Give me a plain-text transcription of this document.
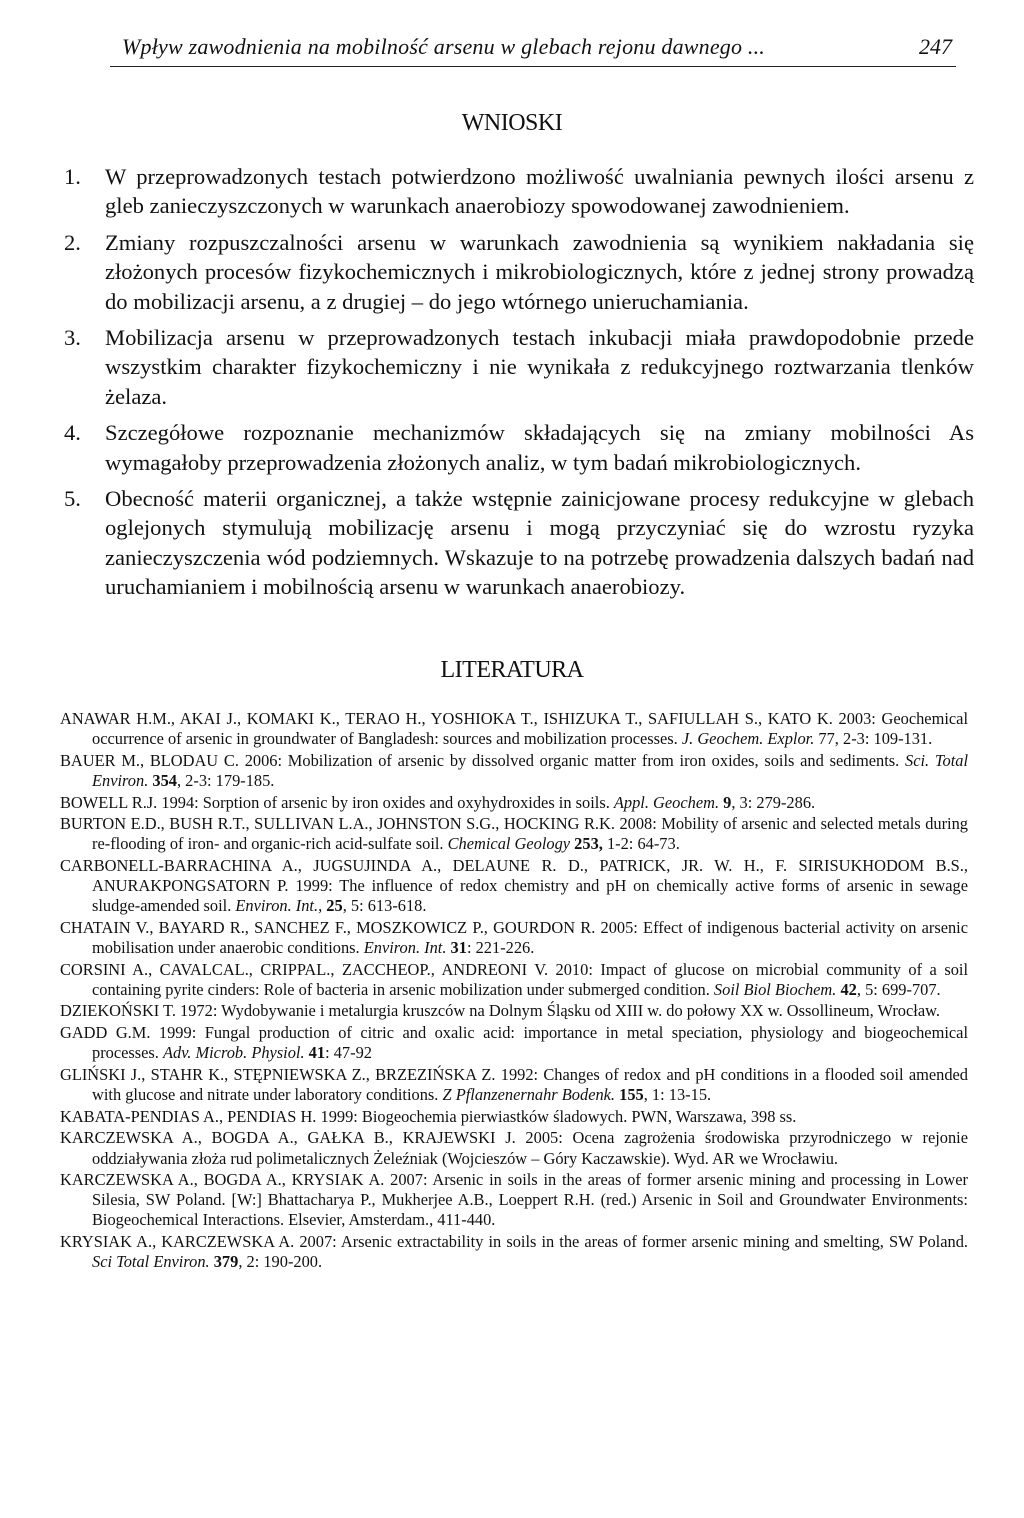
Wpływ zawodnienia na mobilność arsenu w glebach rejonu dawnego ...	247
WNIOSKI
1. W przeprowadzonych testach potwierdzono możliwość uwalniania pewnych ilości arsenu z gleb zanieczyszczonych w warunkach anaerobiozy spowodowanej zawodnieniem.
2. Zmiany rozpuszczalności arsenu w warunkach zawodnienia są wynikiem nakładania się złożonych procesów fizykochemicznych i mikrobiologicznych, które z jednej strony prowadzą do mobilizacji arsenu, a z drugiej – do jego wtórnego unieruchamiania.
3. Mobilizacja arsenu w przeprowadzonych testach inkubacji miała prawdopodobnie przede wszystkim charakter fizykochemiczny i nie wynikała z redukcyjnego roztwarzania tlenków żelaza.
4. Szczegółowe rozpoznanie mechanizmów składających się na zmiany mobilności As wymagałoby przeprowadzenia złożonych analiz, w tym badań mikrobiologicznych.
5. Obecność materii organicznej, a także wstępnie zainicjowane procesy redukcyjne w glebach oglejonych stymulują mobilizację arsenu i mogą przyczyniać się do wzrostu ryzyka zanieczyszczenia wód podziemnych. Wskazuje to na potrzebę prowadzenia dalszych badań nad uruchamianiem i mobilnością arsenu w warunkach anaerobiozy.
LITERATURA
ANAWAR H.M., AKAI J., KOMAKI K., TERAO H., YOSHIOKA T., ISHIZUKA T., SAFIULLAH S., KATO K. 2003: Geochemical occurrence of arsenic in groundwater of Bangladesh: sources and mobilization processes. J. Geochem. Explor. 77, 2-3: 109-131.
BAUER M., BLODAU C. 2006: Mobilization of arsenic by dissolved organic matter from iron oxides, soils and sediments. Sci. Total Environ. 354, 2-3: 179-185.
BOWELL R.J. 1994: Sorption of arsenic by iron oxides and oxyhydroxides in soils. Appl. Geochem. 9, 3: 279-286.
BURTON E.D., BUSH R.T., SULLIVAN L.A., JOHNSTON S.G., HOCKING R.K. 2008: Mobility of arsenic and selected metals during re-flooding of iron- and organic-rich acid-sulfate soil. Chemical Geology 253, 1-2: 64-73.
CARBONELL-BARRACHINA A., JUGSUJINDA A., DELAUNE R. D., PATRICK, JR. W. H., F. SIRISUKHODOM B.S., ANURAKPONGSATORN P. 1999: The influence of redox chemistry and pH on chemically active forms of arsenic in sewage sludge-amended soil. Environ. Int., 25, 5: 613-618.
CHATAIN V., BAYARD R., SANCHEZ F., MOSZKOWICZ P., GOURDON R. 2005: Effect of indigenous bacterial activity on arsenic mobilisation under anaerobic conditions. Environ. Int. 31: 221-226.
CORSINI A., CAVALCAL., CRIPPAL., ZACCHEOP., ANDREONI V. 2010: Impact of glucose on microbial community of a soil containing pyrite cinders: Role of bacteria in arsenic mobilization under submerged condition. Soil Biol Biochem. 42, 5: 699-707.
DZIEKOŃSKI T. 1972: Wydobywanie i metalurgia kruszców na Dolnym Śląsku od XIII w. do połowy XX w. Ossollineum, Wrocław.
GADD G.M. 1999: Fungal production of citric and oxalic acid: importance in metal speciation, physiology and biogeochemical processes. Adv. Microb. Physiol. 41: 47-92
GLIŃSKI J., STAHR K., STĘPNIEWSKA Z., BRZEZIŃSKA Z. 1992: Changes of redox and pH conditions in a flooded soil amended with glucose and nitrate under laboratory conditions. Z Pflanzenernahr Bodenk. 155, 1: 13-15.
KABATA-PENDIAS A., PENDIAS H. 1999: Biogeochemia pierwiastków śladowych. PWN, Warszawa, 398 ss.
KARCZEWSKA A., BOGDA A., GAŁKA B., KRAJEWSKI J. 2005: Ocena zagrożenia środowiska przyrodniczego w rejonie oddziaływania złoża rud polimetalicznych Żeleźniak (Wojcieszów – Góry Kaczawskie). Wyd. AR we Wrocławiu.
KARCZEWSKA A., BOGDA A., KRYSIAK A. 2007: Arsenic in soils in the areas of former arsenic mining and processing in Lower Silesia, SW Poland. [W:] Bhattacharya P., Mukherjee A.B., Loeppert R.H. (red.) Arsenic in Soil and Groundwater Environments: Biogeochemical Interactions. Elsevier, Amsterdam., 411-440.
KRYSIAK A., KARCZEWSKA A. 2007: Arsenic extractability in soils in the areas of former arsenic mining and smelting, SW Poland. Sci Total Environ. 379, 2: 190-200.
